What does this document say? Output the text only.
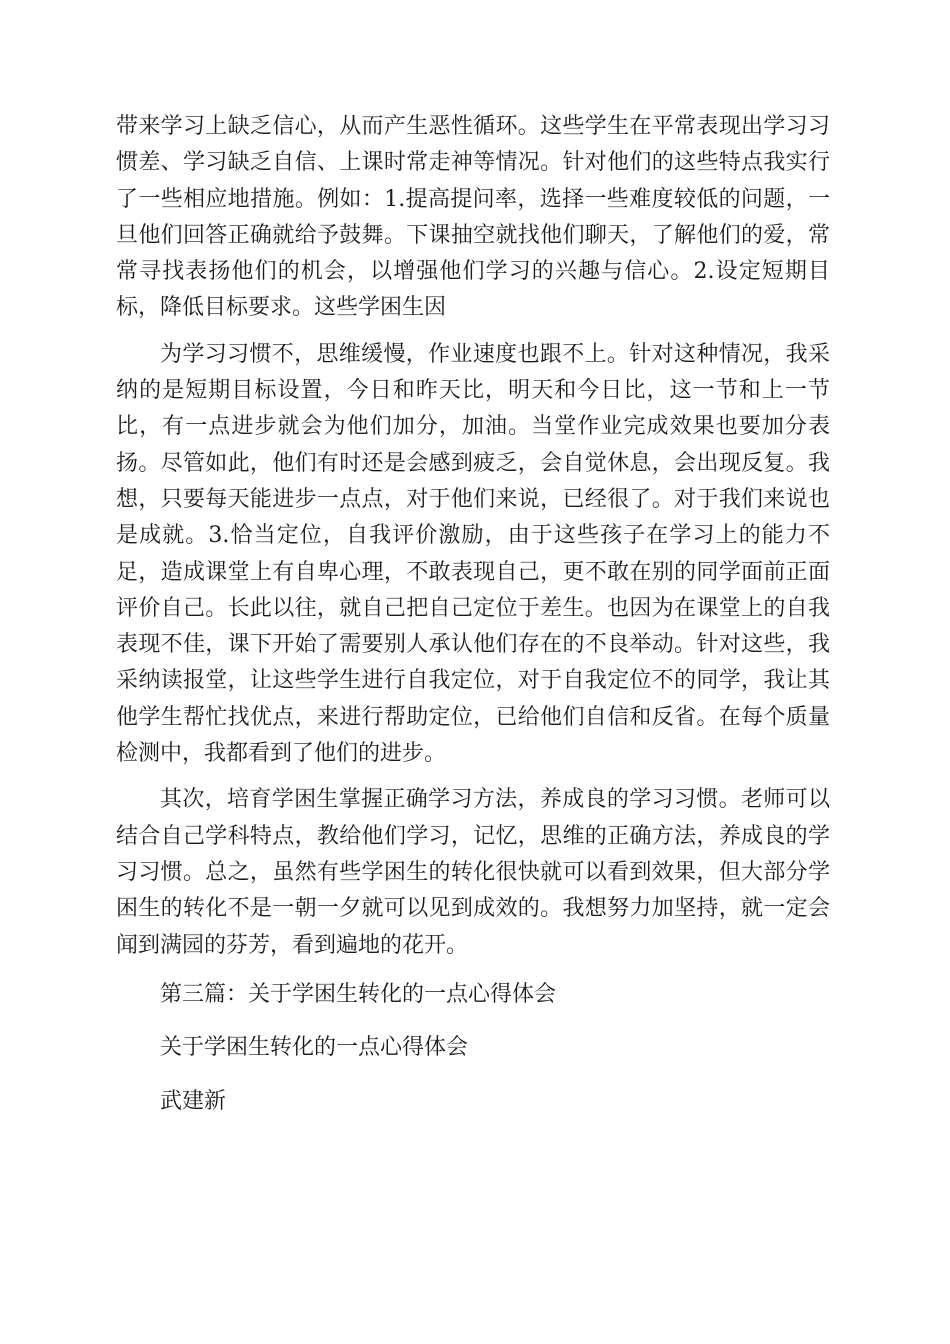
带来学习上缺乏信心，从而产生恶性循环。这些学生在平常表现出学习习惯差、学习缺乏自信、上课时常走神等情况。针对他们的这些特点我实行了一些相应地措施。例如：1.提高提问率，选择一些难度较低的问题，一旦他们回答正确就给予鼓舞。下课抽空就找他们聊天，了解他们的爱，常常寻找表扬他们的机会，以增强他们学习的兴趣与信心。2.设定短期目标，降低目标要求。这些学困生因

为学习习惯不，思维缓慢，作业速度也跟不上。针对这种情况，我采纳的是短期目标设置，今日和昨天比，明天和今日比，这一节和上一节比，有一点进步就会为他们加分，加油。当堂作业完成效果也要加分表扬。尽管如此，他们有时还是会感到疲乏，会自觉休息，会出现反复。我想，只要每天能进步一点点，对于他们来说，已经很了。对于我们来说也是成就。3.恰当定位，自我评价激励，由于这些孩子在学习上的能力不足，造成课堂上有自卑心理，不敢表现自己，更不敢在别的同学面前正面评价自己。长此以往，就自己把自己定位于差生。也因为在课堂上的自我表现不佳，课下开始了需要别人承认他们存在的不良举动。针对这些，我采纳读报堂，让这些学生进行自我定位，对于自我定位不的同学，我让其他学生帮忙找优点，来进行帮助定位，已给他们自信和反省。在每个质量检测中，我都看到了他们的进步。

其次，培育学困生掌握正确学习方法，养成良的学习习惯。老师可以结合自己学科特点，教给他们学习，记忆，思维的正确方法，养成良的学习习惯。总之，虽然有些学困生的转化很快就可以看到效果，但大部分学困生的转化不是一朝一夕就可以见到成效的。我想努力加坚持，就一定会闻到满园的芬芳，看到遍地的花开。

第三篇：关于学困生转化的一点心得体会

关于学困生转化的一点心得体会

武建新
